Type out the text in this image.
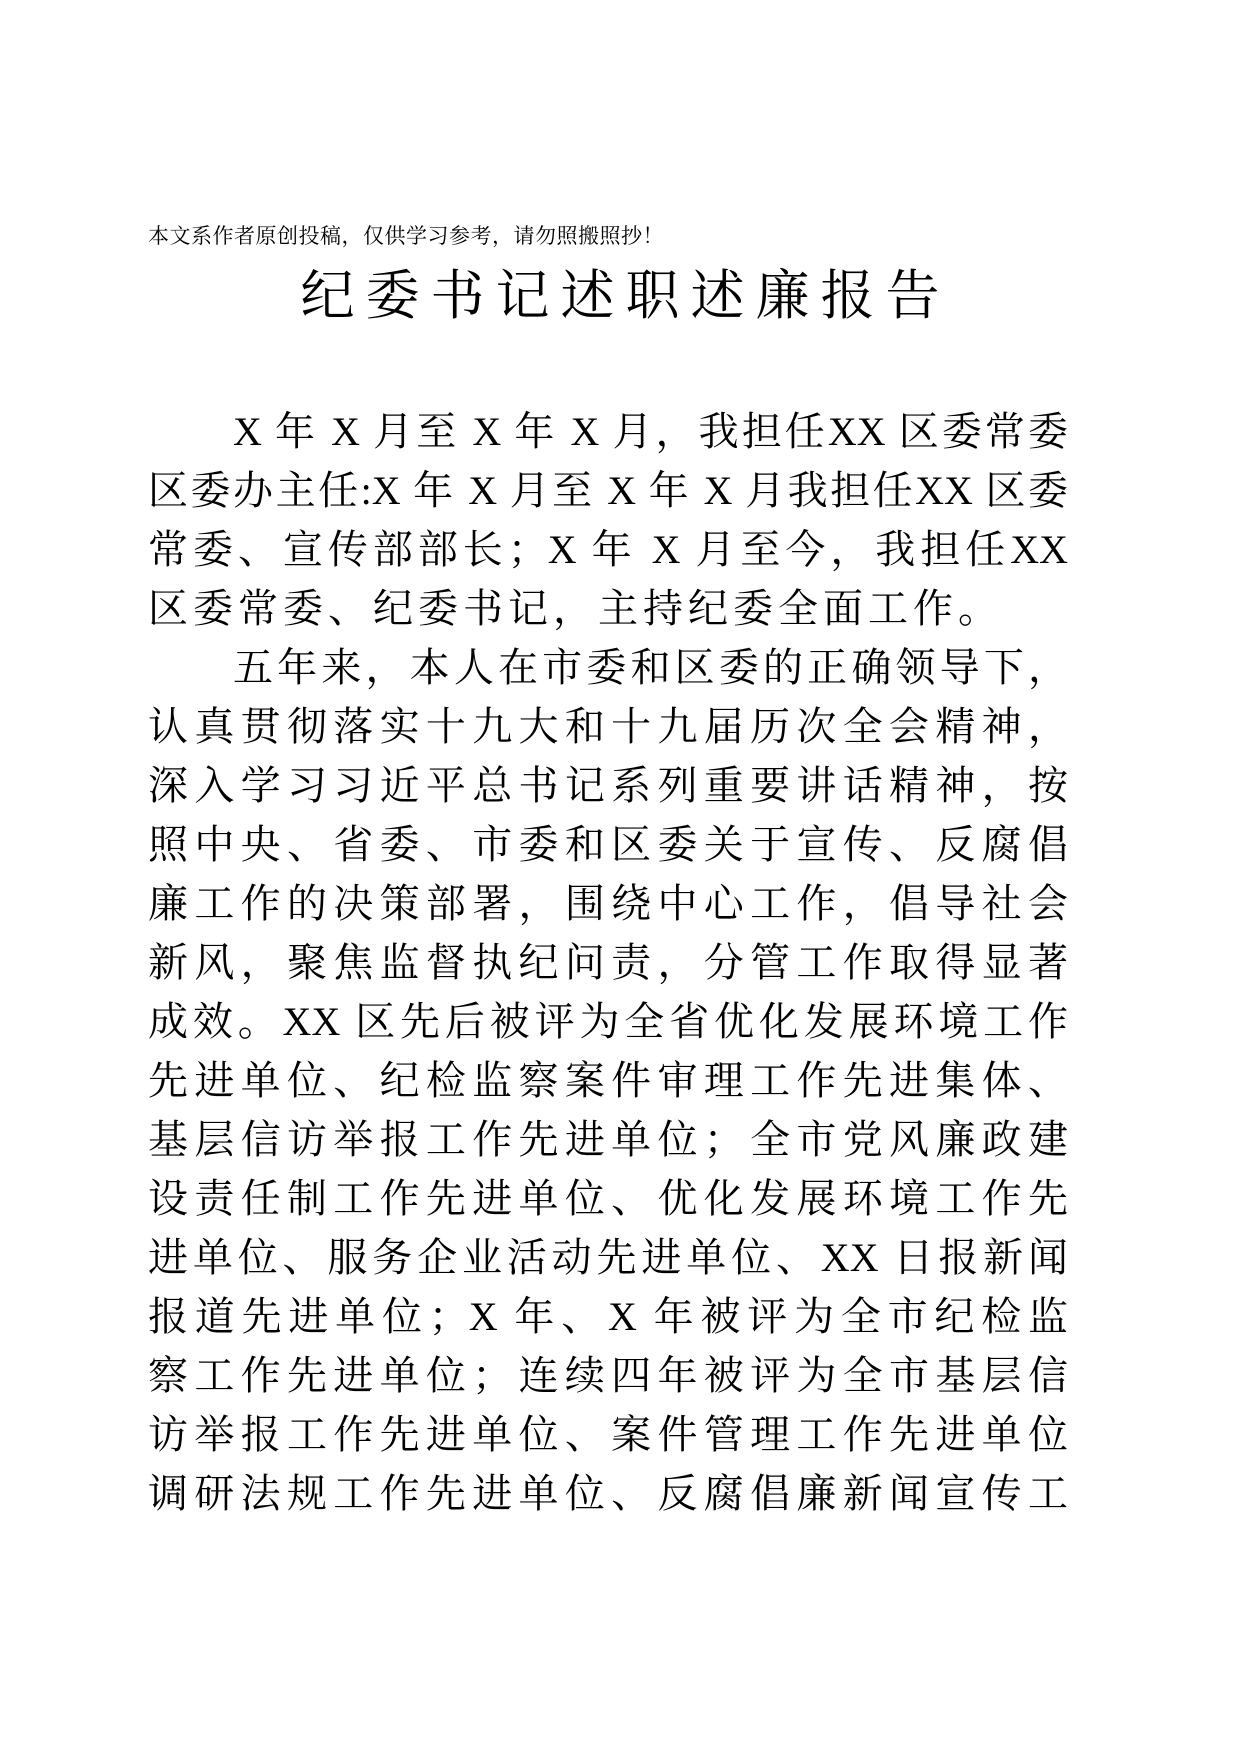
本文系作者原创投稿，仅供学习参考，请勿照搬照抄！
纪委书记述职述廉报告
X 年 X 月至 X 年 X 月，我担任XX 区委常委
区委办主任:X 年 X 月至 X 年 X 月我担任XX 区委
常委、宣传部部长；X 年 X 月至今，我担任XX
区委常委、纪委书记，主持纪委全面工作。
五年来，本人在市委和区委的正确领导下，
认真贯彻落实十九大和十九届历次全会精神，
深入学习习近平总书记系列重要讲话精神，按
照中央、省委、市委和区委关于宣传、反腐倡
廉工作的决策部署，围绕中心工作，倡导社会
新风，聚焦监督执纪问责，分管工作取得显著
成效。XX 区先后被评为全省优化发展环境工作
先进单位、纪检监察案件审理工作先进集体、
基层信访举报工作先进单位；全市党风廉政建
设责任制工作先进单位、优化发展环境工作先
进单位、服务企业活动先进单位、XX 日报新闻
报道先进单位；X 年、X 年被评为全市纪检监
察工作先进单位；连续四年被评为全市基层信
访举报工作先进单位、案件管理工作先进单位
调研法规工作先进单位、反腐倡廉新闻宣传工
